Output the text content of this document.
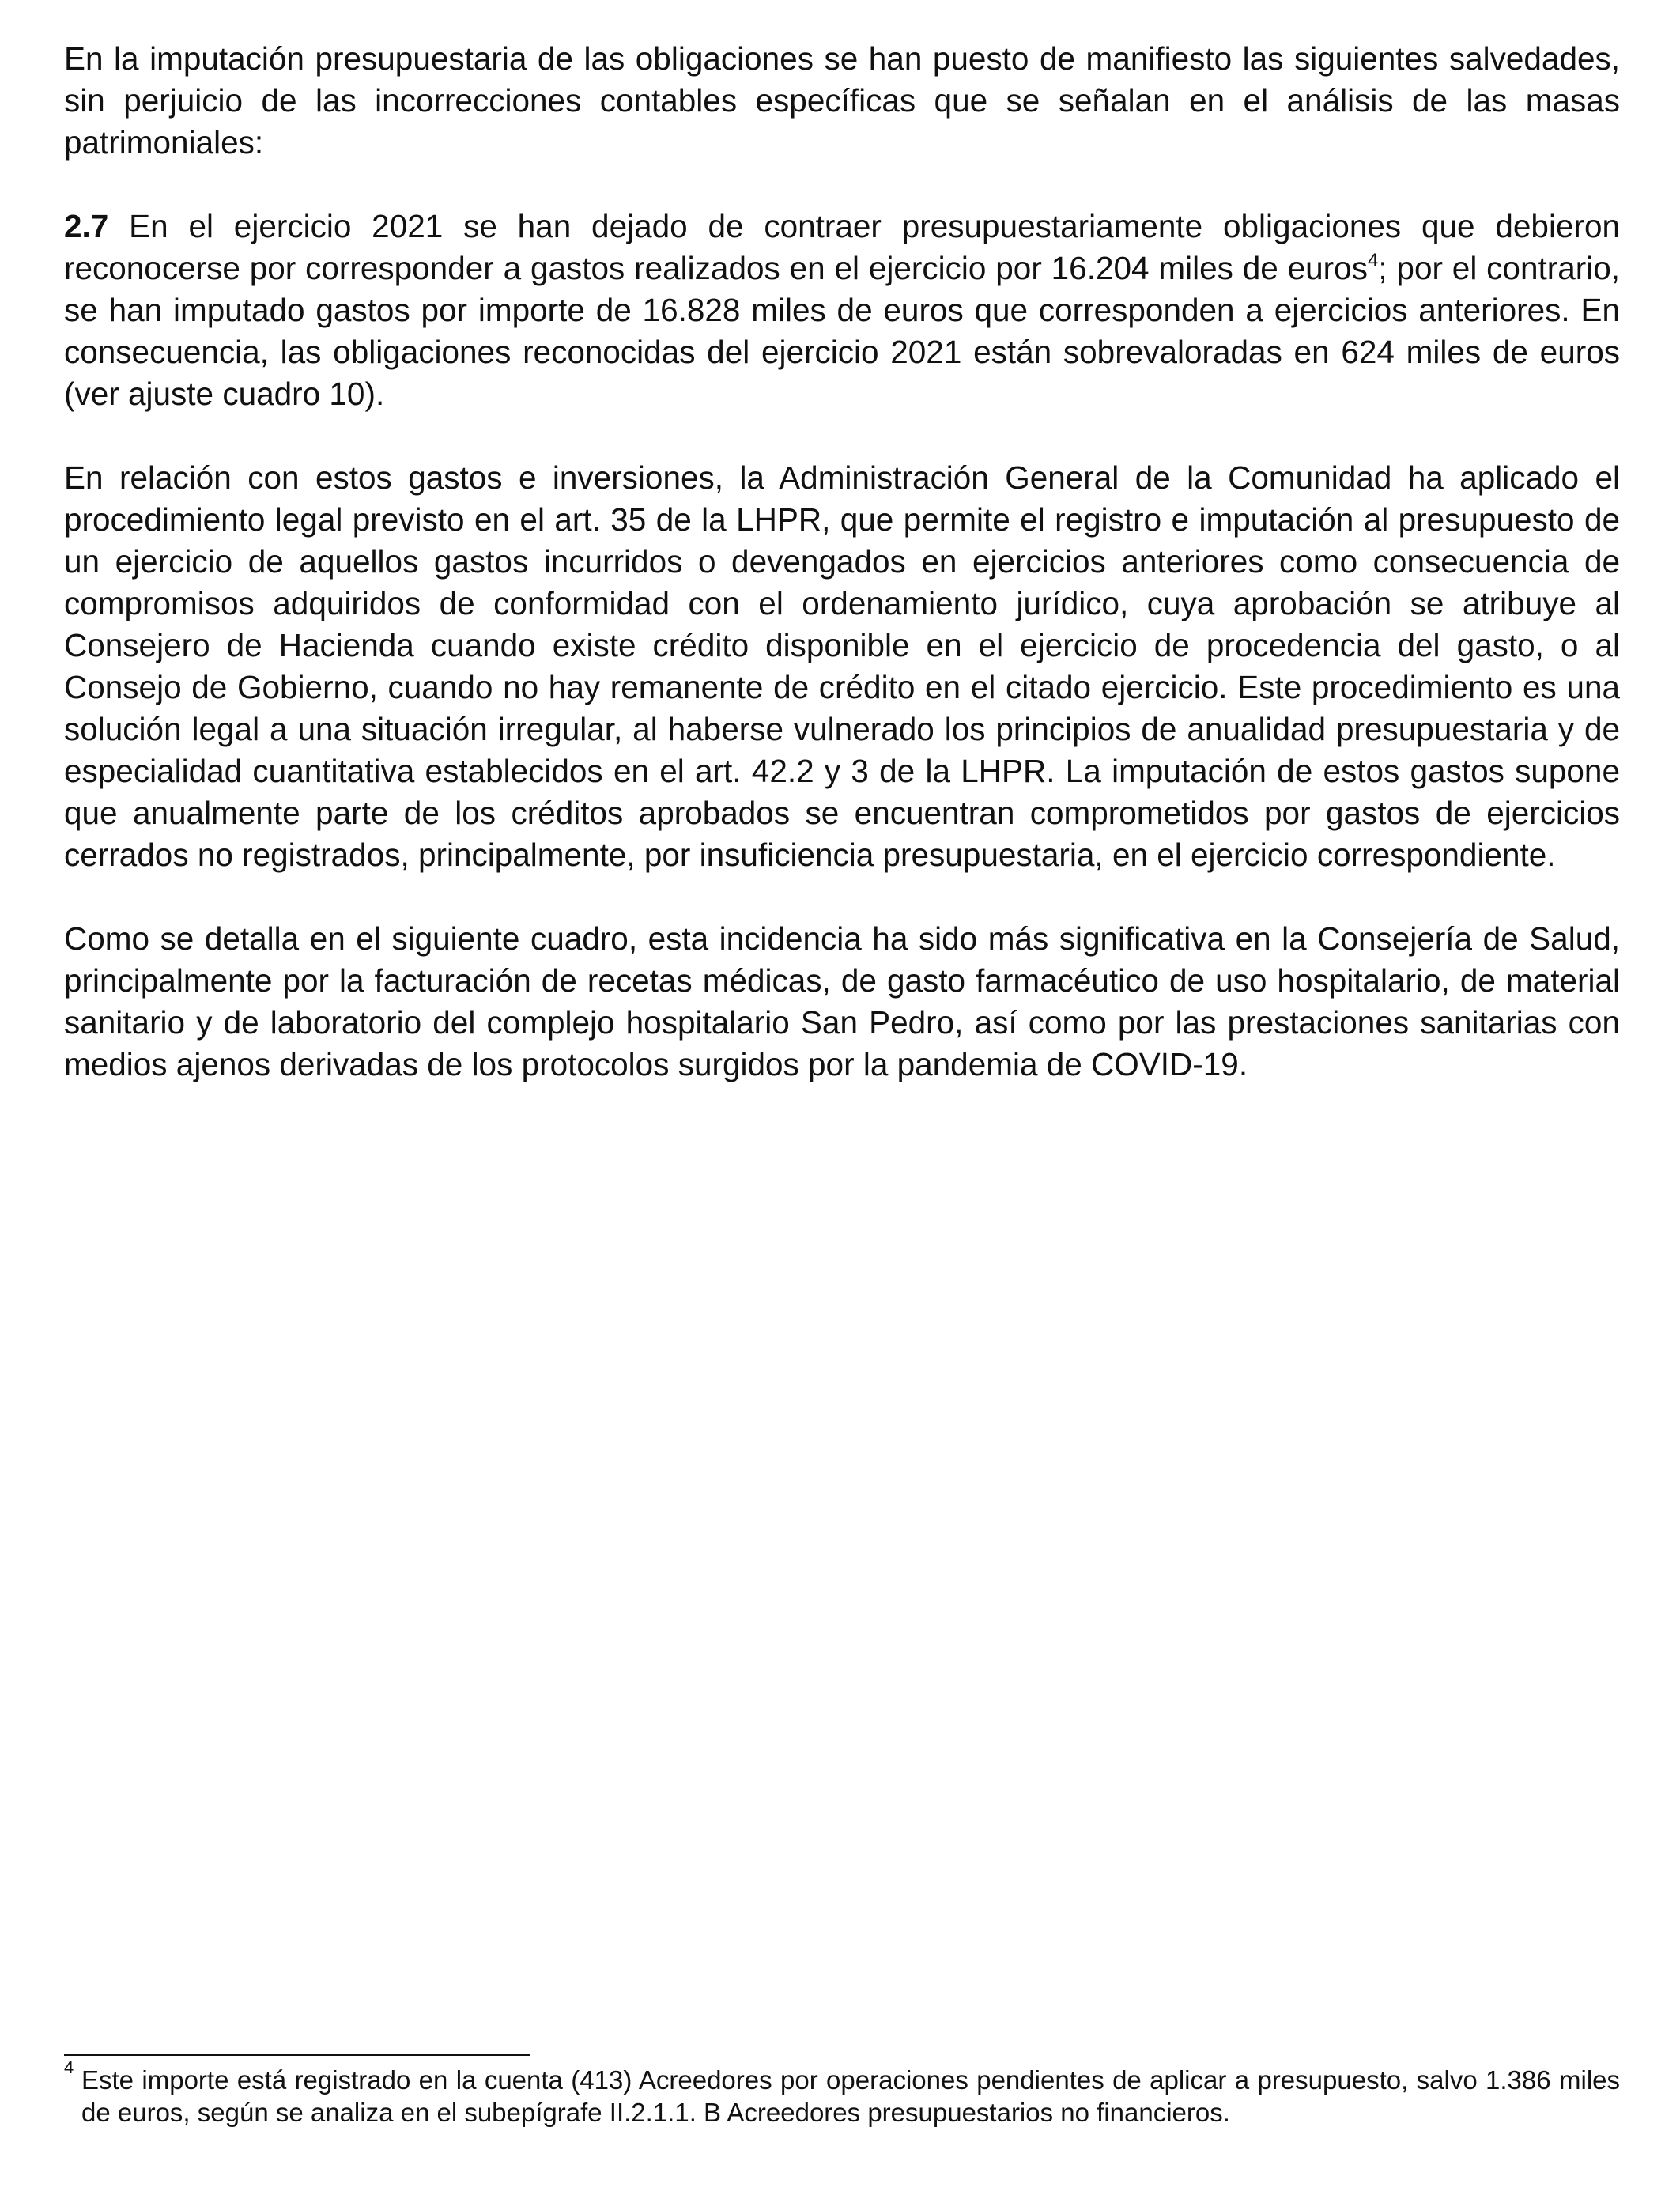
En la imputación presupuestaria de las obligaciones se han puesto de manifiesto las siguientes salvedades, sin perjuicio de las incorrecciones contables específicas que se señalan en el análisis de las masas patrimoniales:

2.7 En el ejercicio 2021 se han dejado de contraer presupuestariamente obligaciones que debieron reconocerse por corresponder a gastos realizados en el ejercicio por 16.204 miles de euros$^4$; por el contrario, se han imputado gastos por importe de 16.828 miles de euros que corresponden a ejercicios anteriores. En consecuencia, las obligaciones reconocidas del ejercicio 2021 están sobrevaloradas en 624 miles de euros (ver ajuste cuadro 10).

En relación con estos gastos e inversiones, la Administración General de la Comunidad ha aplicado el procedimiento legal previsto en el art. 35 de la LHPR, que permite el registro e imputación al presupuesto de un ejercicio de aquellos gastos incurridos o devengados en ejercicios anteriores como consecuencia de compromisos adquiridos de conformidad con el ordenamiento jurídico, cuya aprobación se atribuye al Consejero de Hacienda cuando existe crédito disponible en el ejercicio de procedencia del gasto, o al Consejo de Gobierno, cuando no hay remanente de crédito en el citado ejercicio. Este procedimiento es una solución legal a una situación irregular, al haberse vulnerado los principios de anualidad presupuestaria y de especialidad cuantitativa establecidos en el art. 42.2 y 3 de la LHPR. La imputación de estos gastos supone que anualmente parte de los créditos aprobados se encuentran comprometidos por gastos de ejercicios cerrados no registrados, principalmente, por insuficiencia presupuestaria, en el ejercicio correspondiente.

Como se detalla en el siguiente cuadro, esta incidencia ha sido más significativa en la Consejería de Salud, principalmente por la facturación de recetas médicas, de gasto farmacéutico de uso hospitalario, de material sanitario y de laboratorio del complejo hospitalario San Pedro, así como por las prestaciones sanitarias con medios ajenos derivadas de los protocolos surgidos por la pandemia de COVID-19.

4 Este importe está registrado en la cuenta (413) Acreedores por operaciones pendientes de aplicar a presupuesto, salvo 1.386 miles de euros, según se analiza en el subepígrafe II.2.1.1. B Acreedores presupuestarios no financieros.
